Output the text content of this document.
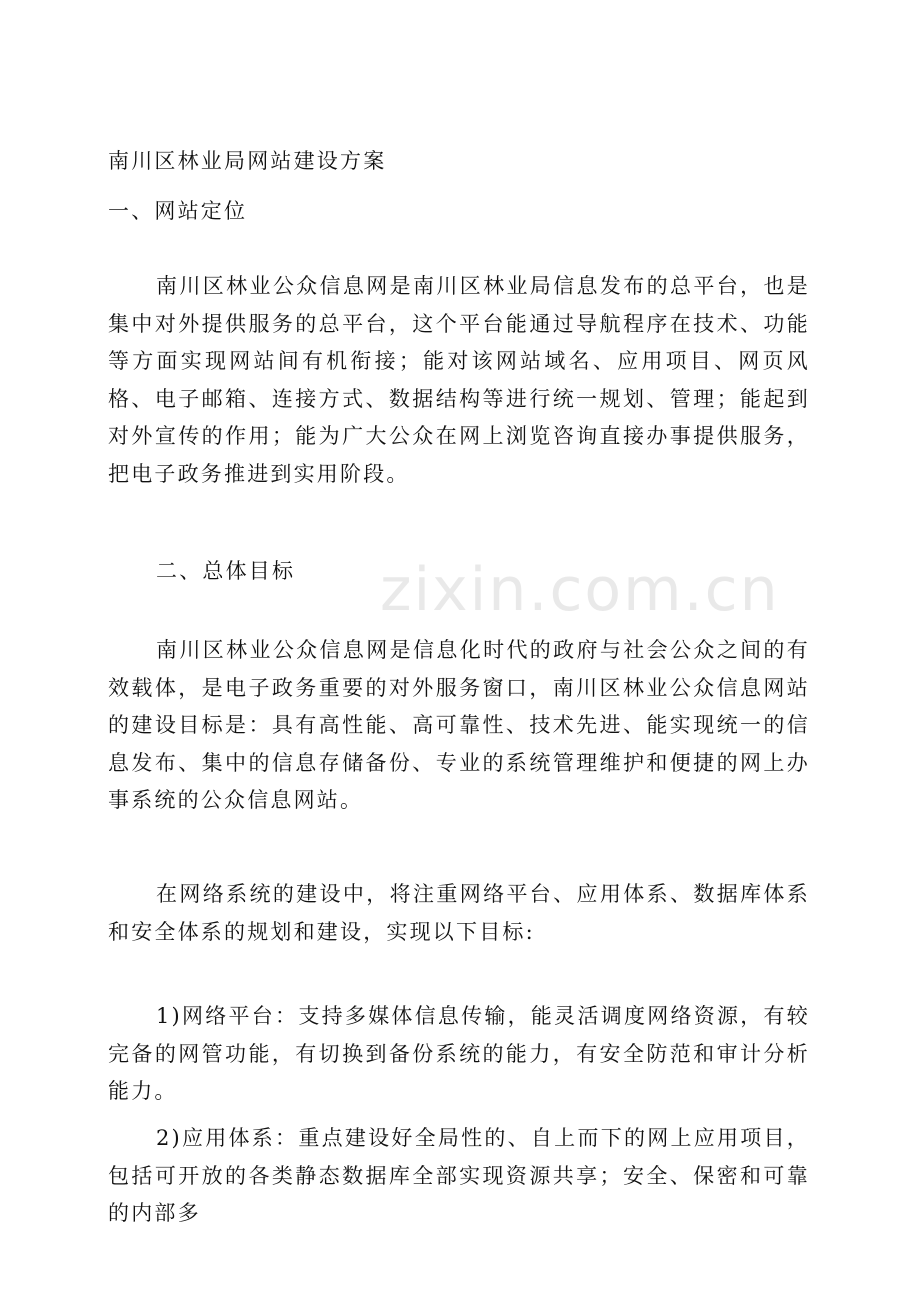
zixin.com.cn
南川区林业局网站建设方案
一、网站定位
南川区林业公众信息网是南川区林业局信息发布的总平台，也是集中对外提供服务的总平台，这个平台能通过导航程序在技术、功能等方面实现网站间有机衔接；能对该网站域名、应用项目、网页风格、电子邮箱、连接方式、数据结构等进行统一规划、管理；能起到对外宣传的作用；能为广大公众在网上浏览咨询直接办事提供服务，把电子政务推进到实用阶段。
二、总体目标
南川区林业公众信息网是信息化时代的政府与社会公众之间的有效载体，是电子政务重要的对外服务窗口，南川区林业公众信息网站的建设目标是：具有高性能、高可靠性、技术先进、能实现统一的信息发布、集中的信息存储备份、专业的系统管理维护和便捷的网上办事系统的公众信息网站。
在网络系统的建设中，将注重网络平台、应用体系、数据库体系和安全体系的规划和建设，实现以下目标:
1)网络平台：支持多媒体信息传输，能灵活调度网络资源，有较完备的网管功能，有切换到备份系统的能力，有安全防范和审计分析能力。
2)应用体系：重点建设好全局性的、自上而下的网上应用项目，包括可开放的各类静态数据库全部实现资源共享；安全、保密和可靠的内部多
